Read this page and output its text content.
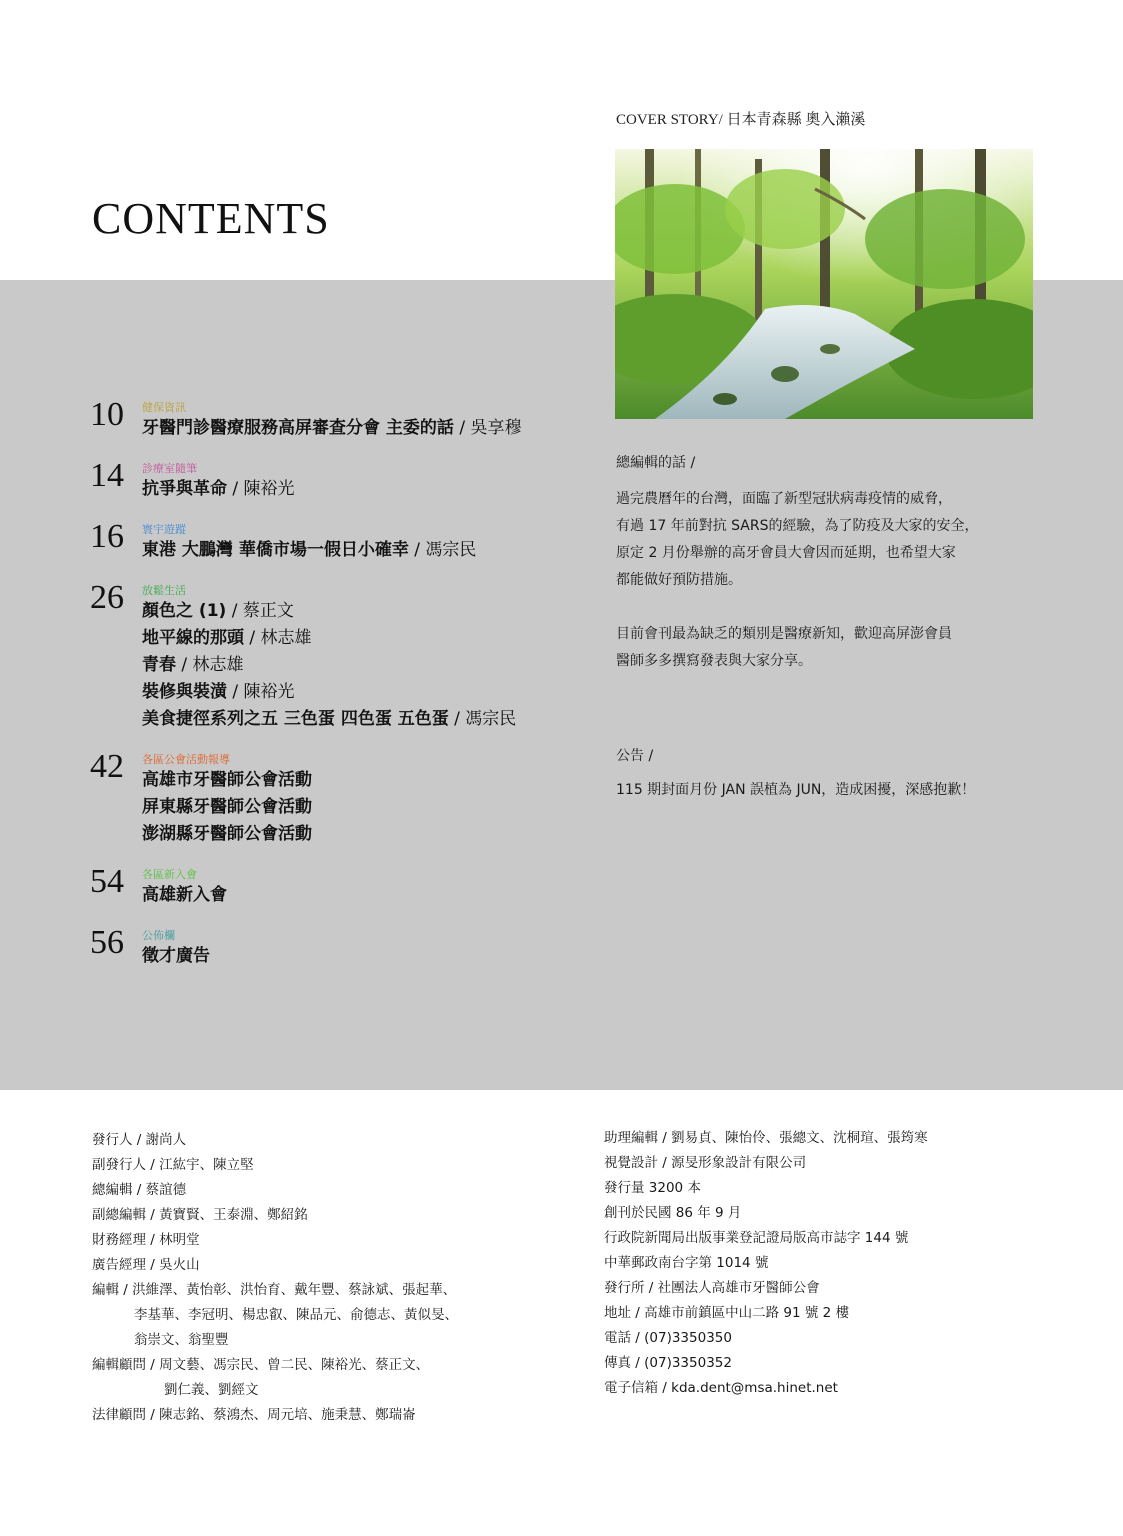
CONTENTS
COVER STORY/ 日本青森縣 奧入瀨溪
10 健保資訊
牙醫門診醫療服務高屏審查分會 主委的話 / 吳享穆
14 診療室隨筆
抗爭與革命 / 陳裕光
16 寰宇遊蹤
東港 大鵬灣 華僑市場一假日小確幸 / 馮宗民
26 放鬆生活
顏色之 (1) / 蔡正文
地平線的那頭 / 林志雄
青春 / 林志雄
裝修與裝潢 / 陳裕光
美食捷徑系列之五 三色蛋 四色蛋 五色蛋 / 馮宗民
42 各區公會活動報導
高雄市牙醫師公會活動
屏東縣牙醫師公會活動
澎湖縣牙醫師公會活動
54 各區新入會
高雄新入會
56 公佈欄
徵才廣告

總編輯的話 /

過完農曆年的台灣，面臨了新型冠狀病毒疫情的威脅，

有過 17 年前對抗 SARS的經驗，為了防疫及大家的安全，

原定 2 月份舉辦的高牙會員大會因而延期，也希望大家

都能做好預防措施。

目前會刊最為缺乏的類別是醫療新知，歡迎高屏澎會員

醫師多多撰寫發表與大家分享。

公告 /

115 期封面月份 JAN 誤植為 JUN，造成困擾，深感抱歉！

發行人 / 謝尚人
副發行人 / 江紘宇、陳立堅
總編輯 / 蔡誼德
副總編輯 / 黃寶賢、王泰淵、鄭紹銘
財務經理 / 林明堂
廣告經理 / 吳火山
編輯 / 洪維澤、黃怡彰、洪怡育、戴年豐、蔡詠斌、張起華、
李基華、李冠明、楊忠叡、陳品元、俞德志、黃似旻、
翁崇文、翁聖豐
編輯顧問 / 周文藝、馮宗民、曾二民、陳裕光、蔡正文、
劉仁義、劉經文
法律顧問 / 陳志銘、蔡鴻杰、周元培、施秉慧、鄭瑞崙
助理編輯 / 劉易貞、陳怡伶、張總文、沈桐瑄、張筠寒
視覺設計 / 源旻形象設計有限公司
發行量 3200 本
創刊於民國 86 年 9 月
行政院新聞局出版事業登記證局版高市誌字 144 號
中華郵政南台字第 1014 號
發行所 / 社團法人高雄市牙醫師公會
地址 / 高雄市前鎮區中山二路 91 號 2 樓
電話 / (07)3350350
傳真 / (07)3350352
電子信箱 / kda.dent@msa.hinet.net
